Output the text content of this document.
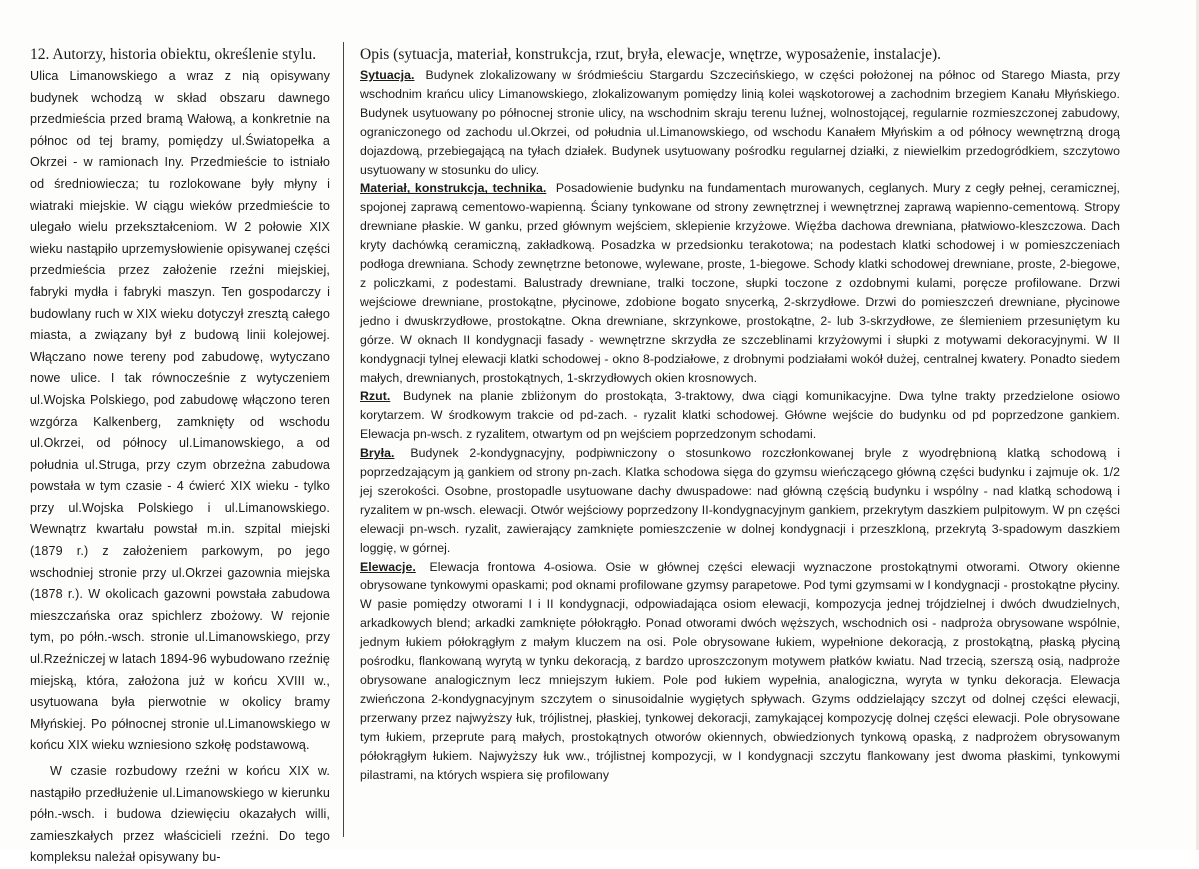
12. Autorzy, historia obiektu, określenie stylu.

Ulica Limanowskiego a wraz z nią opisywany budynek wchodzą w skład obszaru dawnego przedmieścia przed bramą Wałową, a konkretnie na północ od tej bramy, pomiędzy ul.Światopełka a Okrzei - w ramionach Iny. Przedmieście to istniało od średniowiecza; tu rozlokowane były młyny i wiatraki miejskie. W ciągu wieków przedmieście to ulegało wielu przekształceniom. W 2 połowie XIX wieku nastąpiło uprzemysłowienie opisywanej części przedmieścia przez założenie rzeźni miejskiej, fabryki mydła i fabryki maszyn. Ten gospodarczy i budowlany ruch w XIX wieku dotyczył zresztą całego miasta, a związany był z budową linii kolejowej. Włączano nowe tereny pod zabudowę, wytyczano nowe ulice. I tak równocześnie z wytyczeniem ul.Wojska Polskiego, pod zabudowę włączono teren wzgórza Kalkenberg, zamknięty od wschodu ul.Okrzei, od północy ul.Limanowskiego, a od południa ul.Struga, przy czym obrzeżna zabudowa powstała w tym czasie - 4 ćwierć XIX wieku - tylko przy ul.Wojska Polskiego i ul.Limanowskiego. Wewnątrz kwartału powstał m.in. szpital miejski (1879 r.) z założeniem parkowym, po jego wschodniej stronie przy ul.Okrzei gazownia miejska (1878 r.). W okolicach gazowni powstała zabudowa mieszczańska oraz spichlerz zbożowy. W rejonie tym, po półn.-wsch. stronie ul.Limanowskiego, przy ul.Rzeźniczej w latach 1894-96 wybudowano rzeźnię miejską, która, założona już w końcu XVIII w., usytuowana była pierwotnie w okolicy bramy Młyńskiej. Po północnej stronie ul.Limanowskiego w końcu XIX wieku wzniesiono szkołę podstawową.

W czasie rozbudowy rzeźni w końcu XIX w. nastąpiło przedłużenie ul.Limanowskiego w kierunku półn.-wsch. i budowa dziewięciu okazałych willi, zamieszkałych przez właścicieli rzeźni. Do tego kompleksu należał opisywany bu-

Opis (sytuacja, materiał, konstrukcja, rzut, bryła, elewacje, wnętrze, wyposażenie, instalacje).

Sytuacja. Budynek zlokalizowany w śródmieściu Stargardu Szczecińskiego, w części położonej na północ od Starego Miasta, przy wschodnim krańcu ulicy Limanowskiego, zlokalizowanym pomiędzy linią kolei wąskotorowej a zachodnim brzegiem Kanału Młyńskiego. Budynek usytuowany po północnej stronie ulicy, na wschodnim skraju terenu luźnej, wolnostojącej, regularnie rozmieszczonej zabudowy, ograniczonego od zachodu ul.Okrzei, od południa ul.Limanowskiego, od wschodu Kanałem Młyńskim a od północy wewnętrzną drogą dojazdową, przebiegającą na tyłach działek. Budynek usytuowany pośrodku regularnej działki, z niewielkim przedogródkiem, szczytowo usytuowany w stosunku do ulicy.

Materiał, konstrukcja, technika. Posadowienie budynku na fundamentach murowanych, ceglanych. Mury z cegły pełnej, ceramicznej, spojonej zaprawą cementowo-wapienną. Ściany tynkowane od strony zewnętrznej i wewnętrznej zaprawą wapienno-cementową. Stropy drewniane płaskie. W ganku, przed głównym wejściem, sklepienie krzyżowe. Więźba dachowa drewniana, płatwiowo-kleszczowa. Dach kryty dachówką ceramiczną, zakładkową. Posadzka w przedsionku terakotowa; na podestach klatki schodowej i w pomieszczeniach podłoga drewniana. Schody zewnętrzne betonowe, wylewane, proste, 1-biegowe. Schody klatki schodowej drewniane, proste, 2-biegowe, z policzkami, z podestami. Balustrady drewniane, tralki toczone, słupki toczone z ozdobnymi kulami, poręcze profilowane. Drzwi wejściowe drewniane, prostokątne, płycinowe, zdobione bogato snycerką, 2-skrzydłowe. Drzwi do pomieszczeń drewniane, płycinowe jedno i dwuskrzydłowe, prostokątne. Okna drewniane, skrzynkowe, prostokątne, 2- lub 3-skrzydłowe, ze ślemieniem przesuniętym ku górze. W oknach II kondygnacji fasady - wewnętrzne skrzydła ze szczeblinami krzyżowymi i słupki z motywami dekoracyjnymi. W II kondygnacji tylnej elewacji klatki schodowej - okno 8-podziałowe, z drobnymi podziałami wokół dużej, centralnej kwatery. Ponadto siedem małych, drewnianych, prostokątnych, 1-skrzydłowych okien krosnowych.

Rzut. Budynek na planie zbliżonym do prostokąta, 3-traktowy, dwa ciągi komunikacyjne. Dwa tylne trakty przedzielone osiowo korytarzem. W środkowym trakcie od pd-zach. - ryzalit klatki schodowej. Główne wejście do budynku od pd poprzedzone gankiem. Elewacja pn-wsch. z ryzalitem, otwartym od pn wejściem poprzedzonym schodami.

Bryła. Budynek 2-kondygnacyjny, podpiwniczony o stosunkowo rozczłonkowanej bryle z wyodrębnioną klatką schodową i poprzedzającym ją gankiem od strony pn-zach. Klatka schodowa sięga do gzymsu wieńczącego główną części budynku i zajmuje ok. 1/2 jej szerokości. Osobne, prostopadle usytuowane dachy dwuspadowe: nad główną częścią budynku i wspólny - nad klatką schodową i ryzalitem w pn-wsch. elewacji. Otwór wejściowy poprzedzony II-kondygnacyjnym gankiem, przekrytym daszkiem pulpitowym. W pn części elewacji pn-wsch. ryzalit, zawierający zamknięte pomieszczenie w dolnej kondygnacji i przeszkloną, przekrytą 3-spadowym daszkiem loggię, w górnej.

Elewacje. Elewacja frontowa 4-osiowa. Osie w głównej części elewacji wyznaczone prostokątnymi otworami. Otwory okienne obrysowane tynkowymi opaskami; pod oknami profilowane gzymsy parapetowe. Pod tymi gzymsami w I kondygnacji - prostokątne płyciny. W pasie pomiędzy otworami I i II kondygnacji, odpowiadająca osiom elewacji, kompozycja jednej trójdzielnej i dwóch dwudzielnych, arkadkowych blend; arkadki zamknięte półokrągło. Ponad otworami dwóch węższych, wschodnich osi - nadproża obrysowane wspólnie, jednym łukiem półokrągłym z małym kluczem na osi. Pole obrysowane łukiem, wypełnione dekoracją, z prostokątną, płaską płyciną pośrodku, flankowaną wyrytą w tynku dekoracją, z bardzo uproszczonym motywem płatków kwiatu. Nad trzecią, szerszą osią, nadproże obrysowane analogicznym lecz mniejszym łukiem. Pole pod łukiem wypełnia, analogiczna, wyryta w tynku dekoracja. Elewacja zwieńczona 2-kondygnacyjnym szczytem o sinusoidalnie wygiętych spływach. Gzyms oddzielający szczyt od dolnej części elewacji, przerwany przez najwyższy łuk, trójlistnej, płaskiej, tynkowej dekoracji, zamykającej kompozycję dolnej części elewacji. Pole obrysowane tym łukiem, przeprute parą małych, prostokątnych otworów okiennych, obwiedzionych tynkową opaską, z nadprożem obrysowanym półokrągłym łukiem. Najwyższy łuk ww., trójlistnej kompozycji, w I kondygnacji szczytu flankowany jest dwoma płaskimi, tynkowymi pilastrami, na których wspiera się profilowany
